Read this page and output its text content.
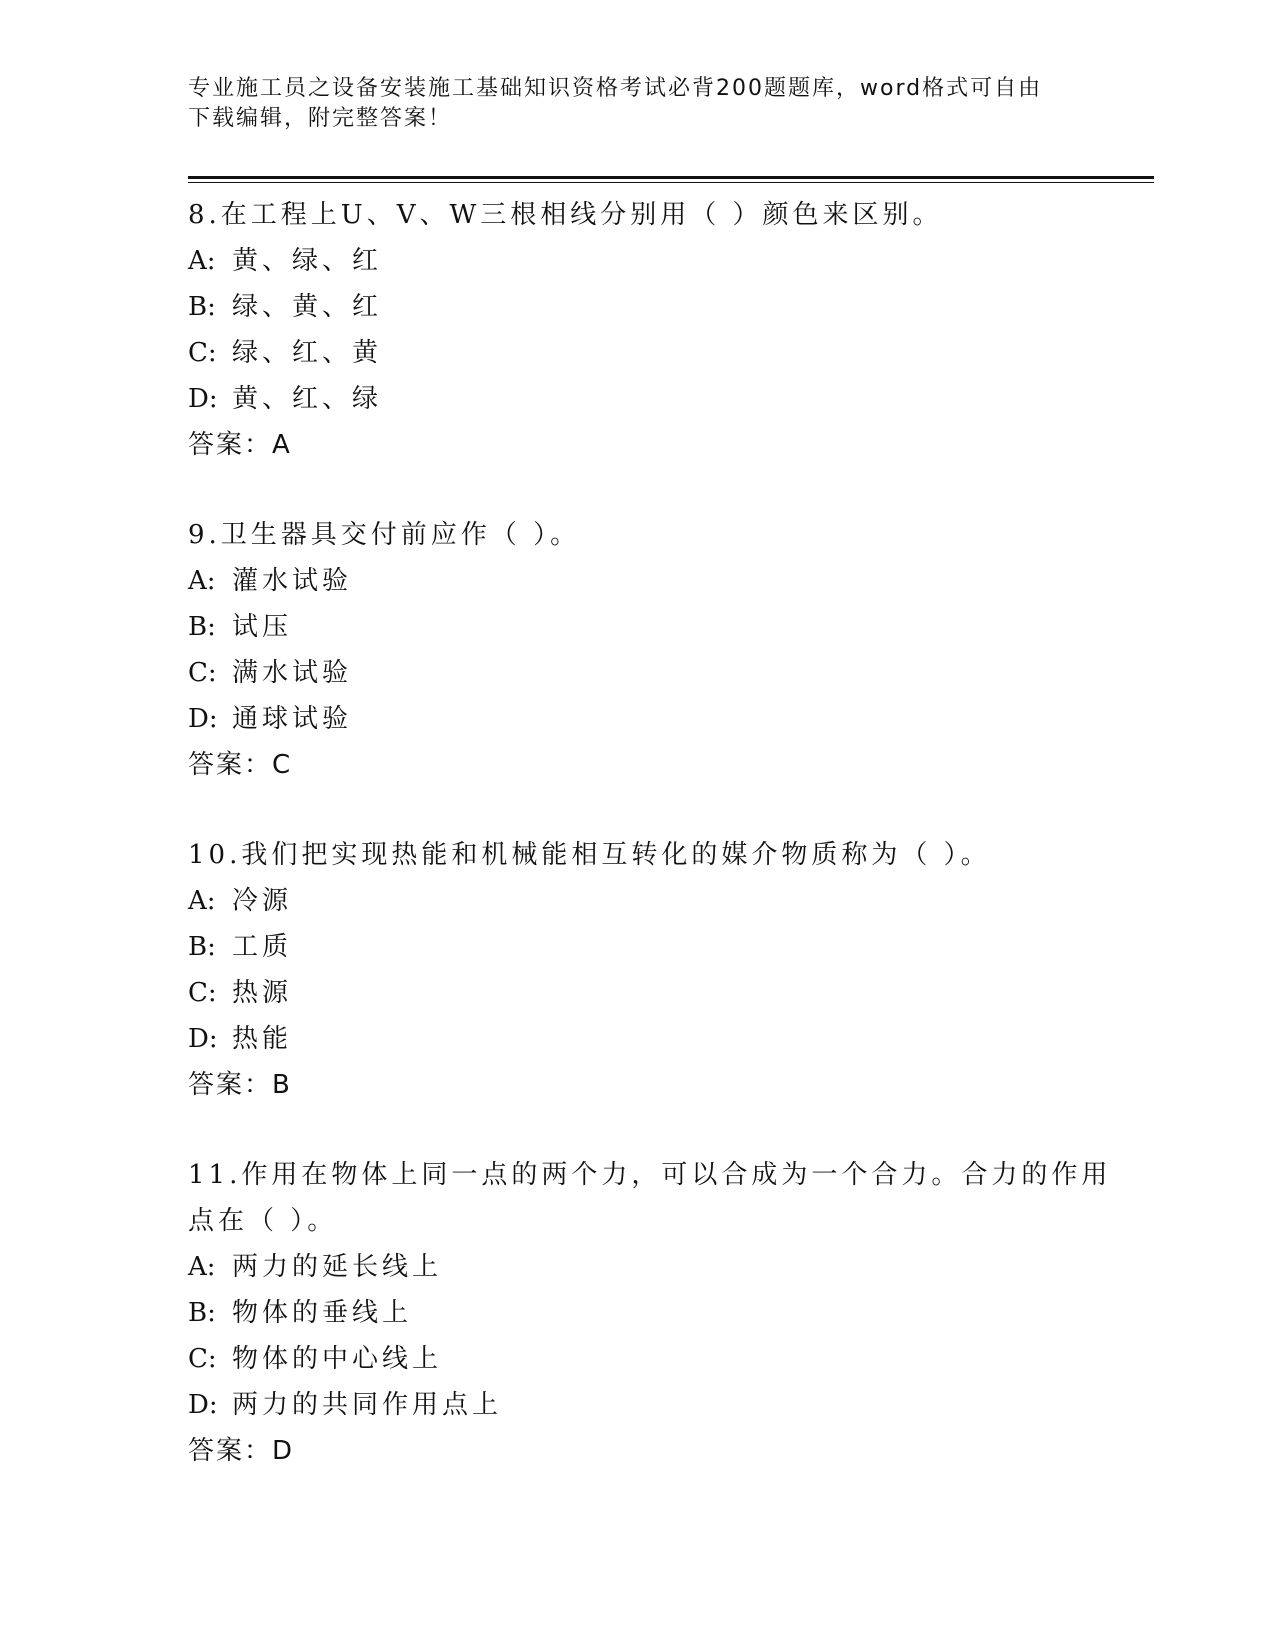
专业施工员之设备安装施工基础知识资格考试必背200题题库，word格式可自由
下载编辑，附完整答案！
8.在工程上U、V、W三根相线分别用（ ）颜色来区别。
A: 黄、绿、红
B: 绿、黄、红
C: 绿、红、黄
D: 黄、红、绿
答案：A
9.卫生器具交付前应作（ ）。
A: 灌水试验
B: 试压
C: 满水试验
D: 通球试验
答案：C
10.我们把实现热能和机械能相互转化的媒介物质称为（ ）。
A: 冷源
B: 工质
C: 热源
D: 热能
答案：B
11.作用在物体上同一点的两个力，可以合成为一个合力。合力的作用
点在（ ）。
A: 两力的延长线上
B: 物体的垂线上
C: 物体的中心线上
D: 两力的共同作用点上
答案：D
